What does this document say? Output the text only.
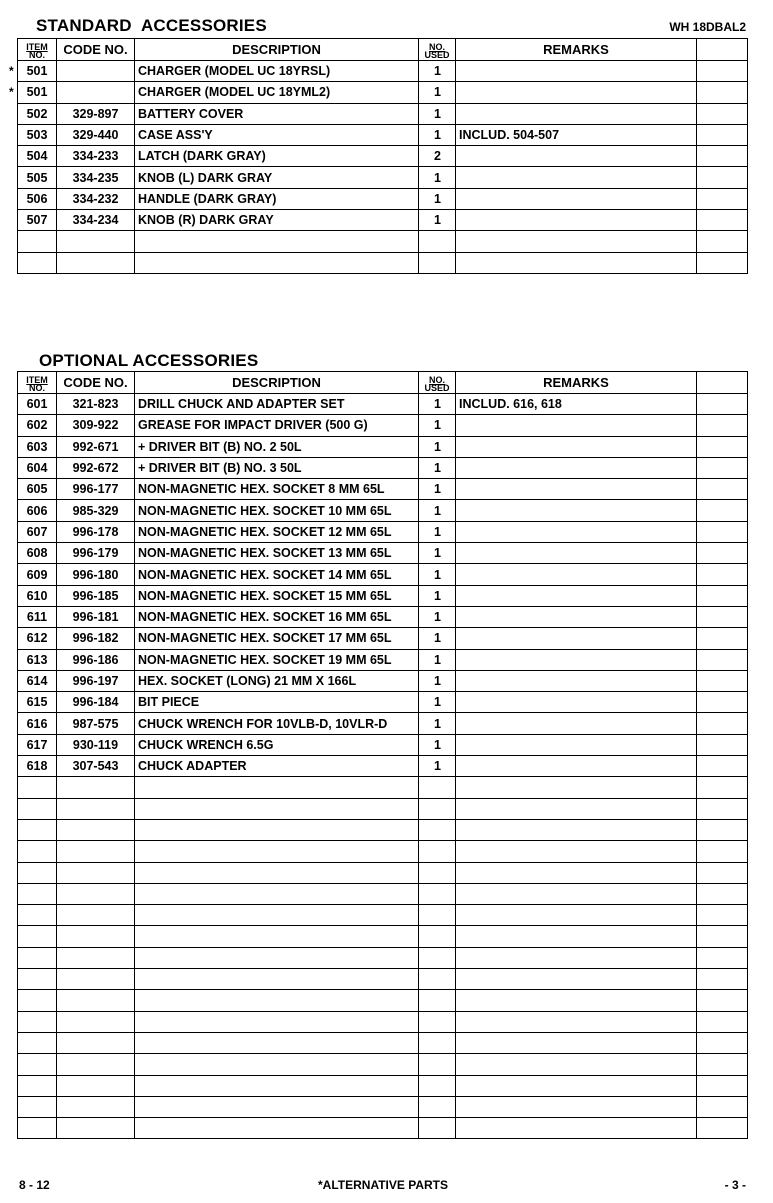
WH 18DBAL2
STANDARD  ACCESSORIES
ITEM
NO.	CODE NO.	DESCRIPTION	NO.
USED	REMARKS	
501		CHARGER (MODEL UC 18YRSL)	1		
501		CHARGER (MODEL UC 18YML2)	1		
502	329-897	BATTERY COVER	1		
503	329-440	CASE ASS'Y	1	INCLUD. 504-507	
504	334-233	LATCH (DARK GRAY)	2		
505	334-235	KNOB (L) DARK GRAY	1		
506	334-232	HANDLE (DARK GRAY)	1		
507	334-234	KNOB (R) DARK GRAY	1		

OPTIONAL ACCESSORIES
ITEM
NO.	CODE NO.	DESCRIPTION	NO.
USED	REMARKS	
601	321-823	DRILL CHUCK AND ADAPTER SET	1	INCLUD. 616, 618	
602	309-922	GREASE FOR IMPACT DRIVER (500 G)	1		
603	992-671	+ DRIVER BIT (B) NO. 2 50L	1		
604	992-672	+ DRIVER BIT (B) NO. 3 50L	1		
605	996-177	NON-MAGNETIC HEX. SOCKET 8 MM 65L	1		
606	985-329	NON-MAGNETIC HEX. SOCKET 10 MM 65L	1		
607	996-178	NON-MAGNETIC HEX. SOCKET 12 MM 65L	1		
608	996-179	NON-MAGNETIC HEX. SOCKET 13 MM 65L	1		
609	996-180	NON-MAGNETIC HEX. SOCKET 14 MM 65L	1		
610	996-185	NON-MAGNETIC HEX. SOCKET 15 MM 65L	1		
611	996-181	NON-MAGNETIC HEX. SOCKET 16 MM 65L	1		
612	996-182	NON-MAGNETIC HEX. SOCKET 17 MM 65L	1		
613	996-186	NON-MAGNETIC HEX. SOCKET 19 MM 65L	1		
614	996-197	HEX. SOCKET (LONG) 21 MM X 166L	1		
615	996-184	BIT PIECE	1		
616	987-575	CHUCK WRENCH FOR 10VLB-D, 10VLR-D	1		
617	930-119	CHUCK WRENCH 6.5G	1		
618	307-543	CHUCK ADAPTER	1		

*
*
8 - 12	*ALTERNATIVE PARTS	- 3 -
